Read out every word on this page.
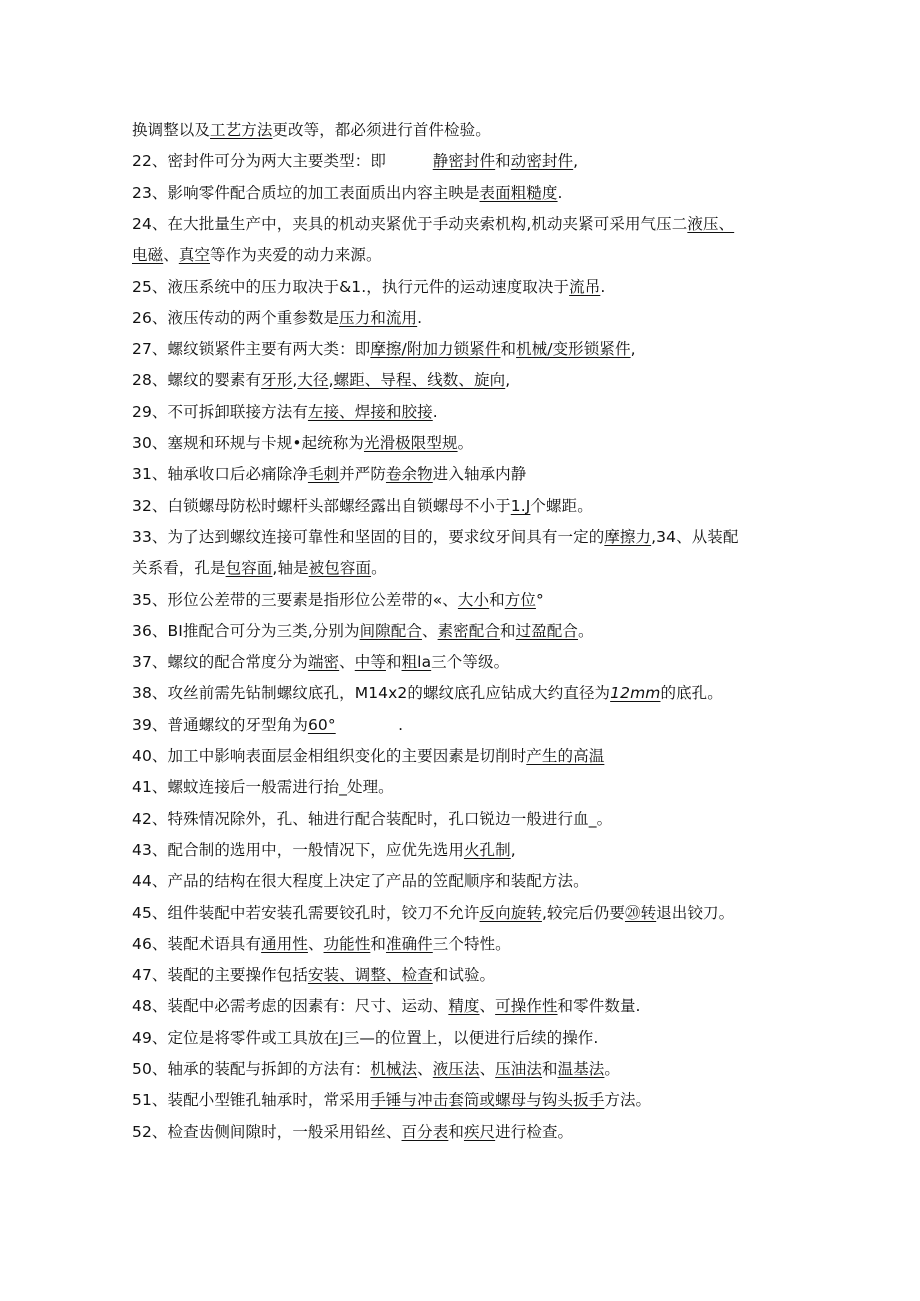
换调整以及工艺方法更改等，都必须进行首件检验。
22、密封件可分为两大主要类型：即　　　静密封件和动密封件,
23、影响零件配合质垃的加工表面质出内容主映是表面粗糙度.
24、在大批量生产中，夹具的机动夹紧优于手动夹索机构,机动夹紧可采用气压二液压、
电磁、真空等作为夹爱的动力来源。
25、液压系统中的压力取决于&1.，执行元件的运动速度取决于流吊.
26、液压传动的两个重参数是压力和流用.
27、螺纹锁紧件主要有两大类：即摩擦/附加力锁紧件和机械/变形锁紧件,
28、螺纹的婴素有牙形,大径,螺距、导程、线数、旋向,
29、不可拆卸联接方法有左接、焊接和胶接.
30、塞规和环规与卡规•起统称为光滑极限型规。
31、轴承收口后必痛除净毛刺并严防卷余物进入轴承内静
32、白锁螺母防松时螺杆头部螺经露出自锁螺母不小于1.J个螺距。
33、为了达到螺纹连接可靠性和坚固的目的，要求纹牙间具有一定的摩擦力,34、从装配
关系看，孔是包容面,轴是被包容面。
35、形位公差带的三要素是指形位公差带的«、大小和方位°
36、BI推配合可分为三类,分别为间隙配合、素密配合和过盈配合。
37、螺纹的配合常度分为端密、中等和粗la三个等级。
38、攻丝前需先钻制螺纹底孔，M14x2的螺纹底孔应钻成大约直径为12mm的底孔。
39、普通螺纹的牙型角为60°　　　　.
40、加工中影响表面层金相组织变化的主要因素是切削时产生的高温
41、螺蚊连接后一般需进行抬_处理。
42、特殊情况除外，孔、轴进行配合装配时，孔口锐边一般进行血_。
43、配合制的选用中，一般情况下，应优先选用火孔制,
44、产品的结构在很大程度上决定了产品的笠配顺序和装配方法。
45、组件装配中若安装孔需要铰孔时，铰刀不允许反向旋转,较完后仍要⑳转退出铰刀。
46、装配术语具有通用性、功能性和准确件三个特性。
47、装配的主要操作包括安装、调整、检查和试验。
48、装配中必需考虑的因素有：尺寸、运动、精度、可操作性和零件数量.
49、定位是将零件或工具放在J三—的位置上，以便进行后续的操作.
50、轴承的装配与拆卸的方法有：机械法、液压法、压油法和温基法。
51、装配小型锥孔轴承时，常采用手锤与冲击套筒或螺母与钩头扳手方法。
52、检查齿侧间隙时，一般采用铅丝、百分表和疾尺进行检查。
